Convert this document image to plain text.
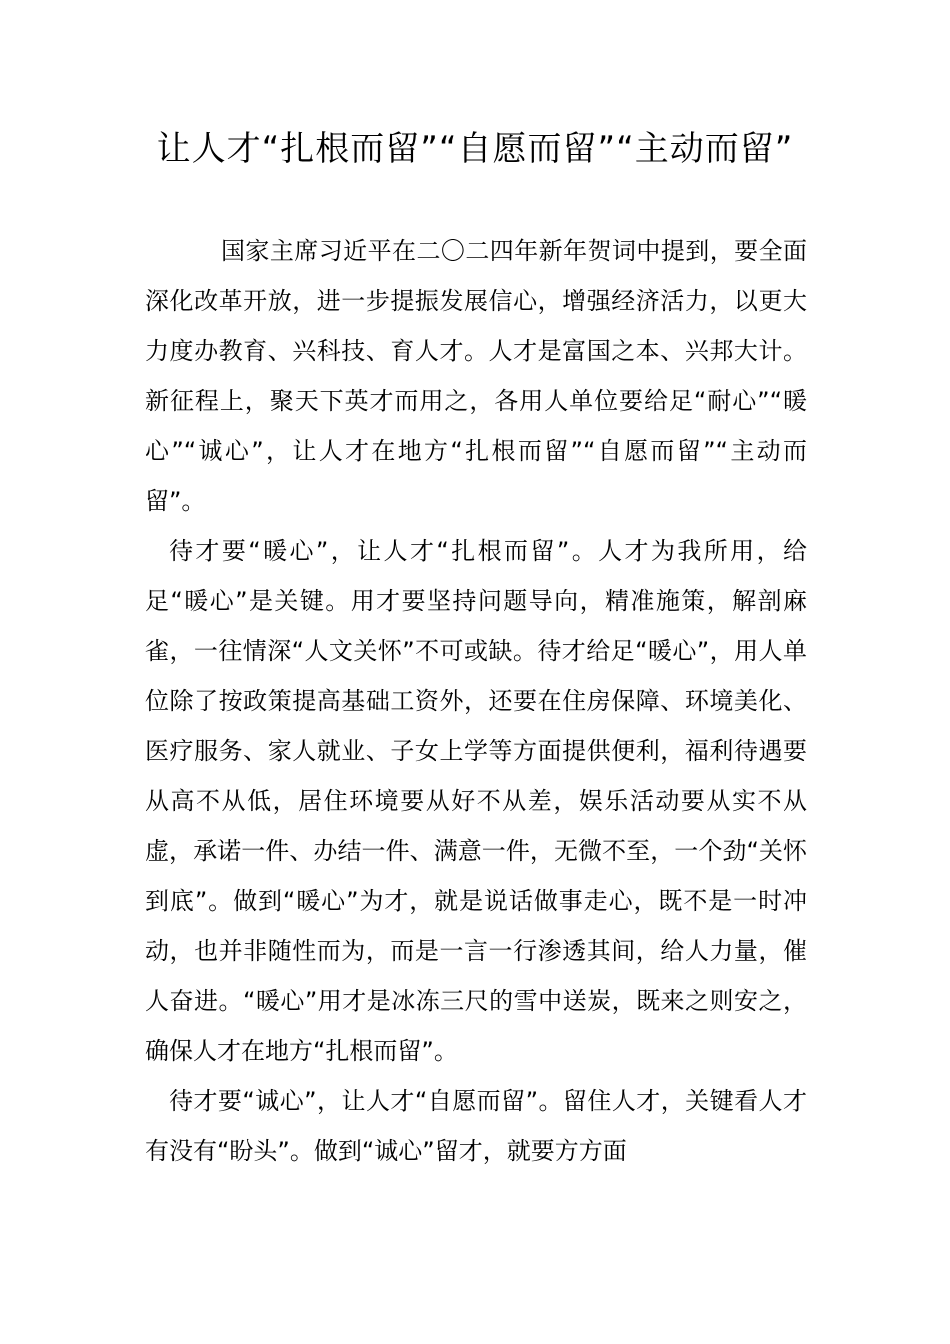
让人才“扎根而留”“自愿而留”“主动而留”

国家主席习近平在二〇二四年新年贺词中提到，要全面深化改革开放，进一步提振发展信心，增强经济活力，以更大力度办教育、兴科技、育人才。人才是富国之本、兴邦大计。新征程上，聚天下英才而用之，各用人单位要给足“耐心”“暖心”“诚心”，让人才在地方“扎根而留”“自愿而留”“主动而留”。

待才要“暖心”，让人才“扎根而留”。人才为我所用，给足“暖心”是关键。用才要坚持问题导向，精准施策，解剖麻雀，一往情深“人文关怀”不可或缺。待才给足“暖心”，用人单位除了按政策提高基础工资外，还要在住房保障、环境美化、医疗服务、家人就业、子女上学等方面提供便利，福利待遇要从高不从低，居住环境要从好不从差，娱乐活动要从实不从虚，承诺一件、办结一件、满意一件，无微不至，一个劲“关怀到底”。做到“暖心”为才，就是说话做事走心，既不是一时冲动，也并非随性而为，而是一言一行渗透其间，给人力量，催人奋进。“暖心”用才是冰冻三尺的雪中送炭，既来之则安之，确保人才在地方“扎根而留”。

待才要“诚心”，让人才“自愿而留”。留住人才，关键看人才有没有“盼头”。做到“诚心”留才，就要方方面
